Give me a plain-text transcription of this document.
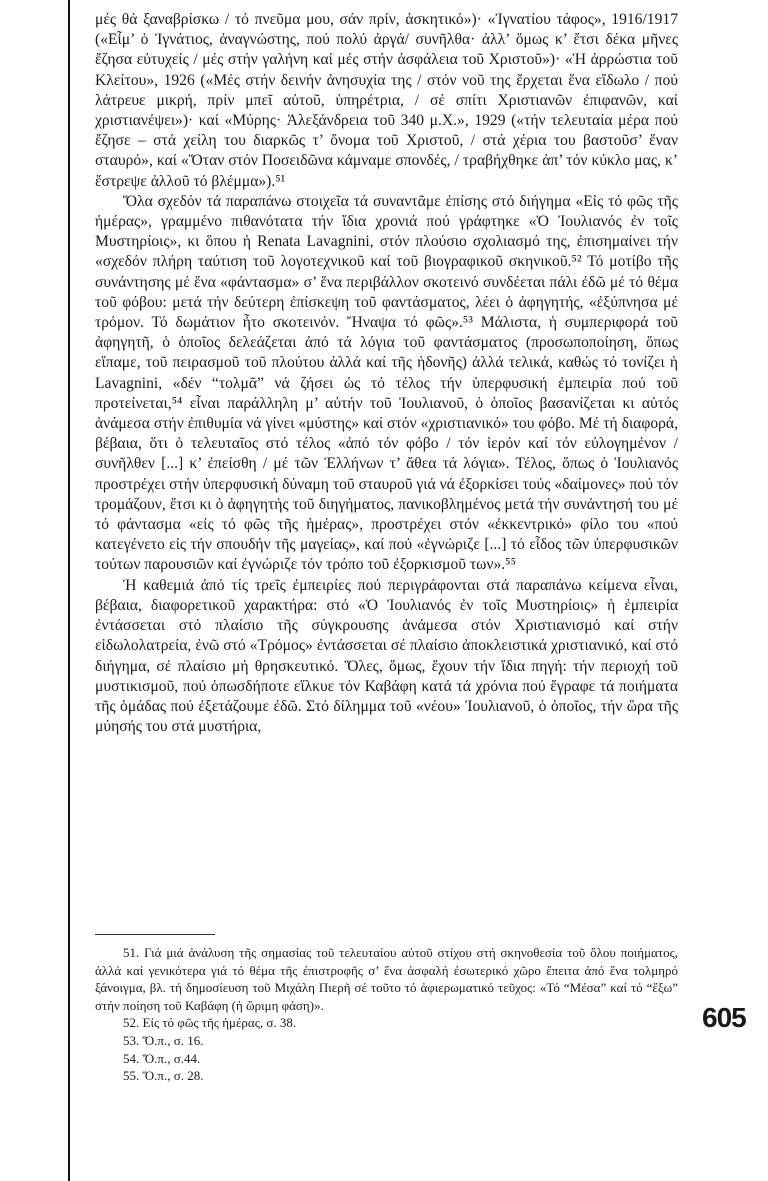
μές θά ξαναβρίσκω / τό πνεῦμα μου, σάν πρίν, ἀσκητικό»)· «Ἰγνατίου τάφος», 1916/1917 («Εἶμ’ ὁ Ἰγνάτιος, ἀναγνώστης, πού πολύ ἀργά/ συνῆλθα· ἀλλ’ ὅμως κ’ ἔτσι δέκα μῆνες ἔζησα εὐτυχείς / μές στήν γαλήνη καί μές στήν ἀσφάλεια τοῦ Χριστοῦ»)· «Ἡ ἀρρώστια τοῦ Κλείτου», 1926 («Μές στήν δεινήν ἀνησυχία της / στόν νοῦ της ἔρχεται ἕνα εἴδωλο / πού λάτρευε μικρή, πρίν μπεῖ αὐτοῦ, ὑπηρέτρια, / σέ σπίτι Χριστιανῶν ἐπιφανῶν, καί χριστιανέψει»)· καί «Μύρης· Ἀλεξάνδρεια τοῦ 340 μ.Χ.», 1929 («τήν τελευταία μέρα πού ἔζησε – στά χείλη του διαρκῶς τ’ ὄνομα τοῦ Χριστοῦ, / στά χέρια του βαστοῦσ’ ἕναν σταυρό», καί «Ὅταν στόν Ποσειδῶνα κάμναμε σπονδές, / τραβήχθηκε ἀπ’ τόν κύκλο μας, κ’ ἔστρεψε ἀλλοῦ τό βλέμμα»).⁵¹

Ὅλα σχεδόν τά παραπάνω στοιχεῖα τά συναντᾶμε ἐπίσης στό διήγημα «Εἰς τό φῶς τῆς ἡμέρας», γραμμένο πιθανότατα τήν ἴδια χρονιά πού γράφτηκε «Ὁ Ἰουλιανός ἐν τοῖς Μυστηρίοις», κι ὅπου ἡ Renata Lavagnini, στόν πλούσιο σχολιασμό της, ἐπισημαίνει τήν «σχεδόν πλήρη ταύτιση τοῦ λογοτεχνικοῦ καί τοῦ βιογραφικοῦ σκηνικοῦ.⁵² Τό μοτίβο τῆς συνάντησης μέ ἕνα «φάντασμα» σ’ ἕνα περιβάλλον σκοτεινό συνδέεται πάλι ἐδῶ μέ τό θέμα τοῦ φόβου: μετά τήν δεύτερη ἐπίσκεψη τοῦ φαντάσματος, λέει ὁ ἀφηγητής, «ἐξύπνησα μέ τρόμον. Τό δωμάτιον ἦτο σκοτεινόν. Ἤναψα τό φῶς».⁵³ Μάλιστα, ἡ συμπεριφορά τοῦ ἀφηγητῆ, ὁ ὁποῖος δελεάζεται ἀπό τά λόγια τοῦ φαντάσματος (προσωποποίηση, ὅπως εἴπαμε, τοῦ πειρασμοῦ τοῦ πλούτου ἀλλά καί τῆς ἡδονῆς) ἀλλά τελικά, καθώς τό τονίζει ἡ Lavagnini, «δέν “τολμᾶ” νά ζήσει ὡς τό τέλος τήν ὑπερφυσική ἐμπειρία πού τοῦ προτείνεται,⁵⁴ εἶναι παράλληλη μ’ αὐτήν τοῦ Ἰουλιανοῦ, ὁ ὁποῖος βασανίζεται κι αὐτός ἀνάμεσα στήν ἐπιθυμία νά γίνει «μύστης» καί στόν «χριστιανικό» του φόβο. Μέ τή διαφορά, βέβαια, ὅτι ὁ τελευταῖος στό τέλος «ἀπό τόν φόβο / τόν ἱερόν καί τόν εὐλογημένον / συνῆλθεν [...] κ’ ἐπείσθη / μέ τῶν Ἑλλήνων τ’ ἄθεα τά λόγια». Τέλος, ὅπως ὁ Ἰουλιανός προστρέχει στήν ὑπερφυσική δύναμη τοῦ σταυροῦ γιά νά ἐξορκίσει τούς «δαίμονες» πού τόν τρομάζουν, ἔτσι κι ὁ ἀφηγητής τοῦ διηγήματος, πανικοβλημένος μετά τήν συνάντησή του μέ τό φάντασμα «εἰς τό φῶς τῆς ἡμέρας», προστρέχει στόν «ἐκκεντρικό» φίλο του «πού κατεγένετο εἰς τήν σπουδήν τῆς μαγείας», καί πού «ἐγνώριζε [...] τό εἶδος τῶν ὑπερφυσικῶν τούτων παρουσιῶν καί ἐγνώριζε τόν τρόπο τοῦ ἐξορκισμοῦ των».⁵⁵

Ἡ καθεμιά ἀπό τίς τρεῖς ἐμπειρίες πού περιγράφονται στά παραπάνω κείμενα εἶναι, βέβαια, διαφορετικοῦ χαρακτήρα: στό «Ὁ Ἰουλιανός ἐν τοῖς Μυστηρίοις» ἡ ἐμπειρία ἐντάσσεται στό πλαίσιο τῆς σύγκρουσης ἀνάμεσα στόν Χριστιανισμό καί στήν εἰδωλολατρεία, ἐνῶ στό «Τρόμος» ἐντάσσεται σέ πλαίσιο ἀποκλειστικά χριστιανικό, καί στό διήγημα, σέ πλαίσιο μή θρησκευτικό. Ὅλες, ὅμως, ἔχουν τήν ἴδια πηγή: τήν περιοχή τοῦ μυστικισμοῦ, πού ὁπωσδήποτε εἵλκυε τόν Καβάφη κατά τά χρόνια πού ἔγραφε τά ποιήματα τῆς ὁμάδας πού ἐξετάζουμε ἐδῶ. Στό δίλημμα τοῦ «νέου» Ἰουλιανοῦ, ὁ ὁποῖος, τήν ὥρα τῆς μύησής του στά μυστήρια,

51. Γιά μιά ἀνάλυση τῆς σημασίας τοῦ τελευταίου αὐτοῦ στίχου στή σκηνοθεσία τοῦ ὅλου ποιήματος, ἀλλά καί γενικότερα γιά τό θέμα τῆς ἐπιστροφῆς σ’ ἕνα ἀσφαλή ἐσωτερικό χῶρο ἔπειτα ἀπό ἕνα τολμηρό ξάνοιγμα, βλ. τή δημοσίευση τοῦ Μιχάλη Πιερῆ σέ τοῦτο τό ἀφιερωματικό τεῦχος: «Τό “Μέσα” καί τό “ἔξω” στήν ποίηση τοῦ Καβάφη (ἡ ὥριμη φάση)».

52. Εἰς τό φῶς τῆς ἡμέρας, σ. 38.

53. Ὅ.π., σ. 16.

54. Ὅ.π., σ.44.

55. Ὅ.π., σ. 28.

605
